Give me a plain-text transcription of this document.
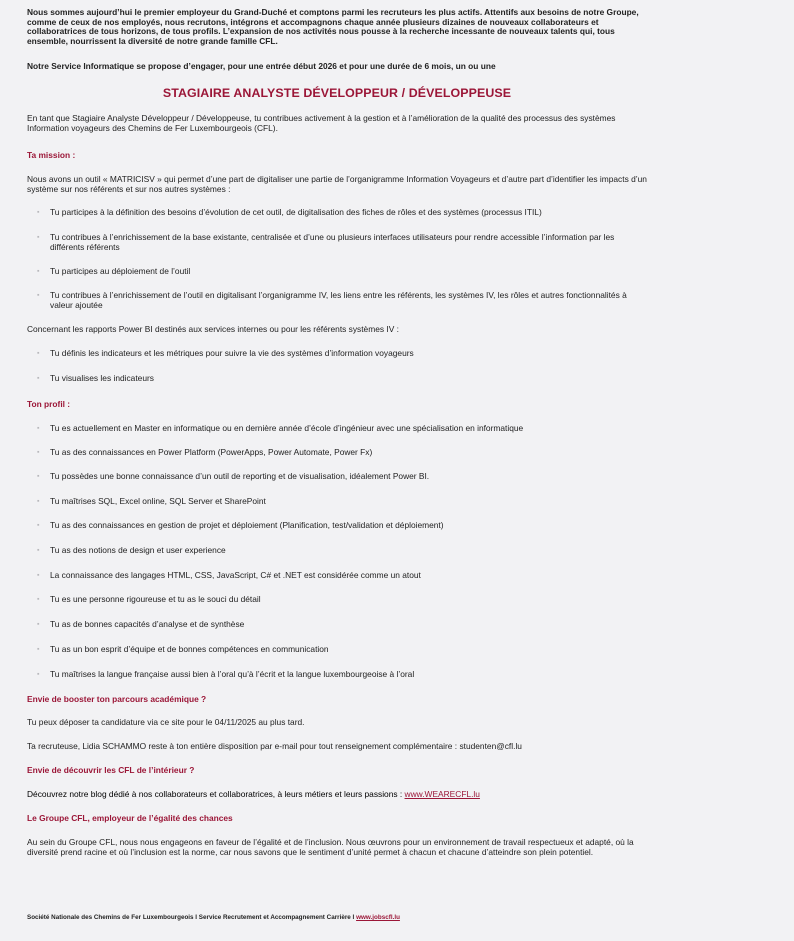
Nous sommes aujourd’hui le premier employeur du Grand-Duché et comptons parmi les recruteurs les plus actifs. Attentifs aux besoins de notre Groupe, comme de ceux de nos employés, nous recrutons, intégrons et accompagnons chaque année plusieurs dizaines de nouveaux collaborateurs et collaboratrices de tous horizons, de tous profils. L’expansion de nos activités nous pousse à la recherche incessante de nouveaux talents qui, tous ensemble, nourrissent la diversité de notre grande famille CFL.

Notre Service Informatique se propose d’engager, pour une entrée début 2026 et pour une durée de 6 mois, un ou une

STAGIAIRE ANALYSTE DÉVELOPPEUR / DÉVELOPPEUSE

En tant que Stagiaire Analyste Développeur / Développeuse, tu contribues activement à la gestion et à l’amélioration de la qualité des processus des systèmes Information voyageurs des Chemins de Fer Luxembourgeois (CFL).

Ta mission :

Nous avons un outil « MATRICISV » qui permet d’une part de digitaliser une partie de l’organigramme Information Voyageurs et d’autre part d’identifier les impacts d’un système sur nos référents et sur nos autres systèmes :

▪ Tu participes à la définition des besoins d’évolution de cet outil, de digitalisation des fiches de rôles et des systèmes (processus ITIL)

▪ Tu contribues à l’enrichissement de la base existante, centralisée et d’une ou plusieurs interfaces utilisateurs pour rendre accessible l’information par les différents référents

▪ Tu participes au déploiement de l’outil

▪ Tu contribues à l’enrichissement de l’outil en digitalisant l’organigramme IV, les liens entre les référents, les systèmes IV, les rôles et autres fonctionnalités à valeur ajoutée

Concernant les rapports Power BI destinés aux services internes ou pour les référents systèmes IV :

▪ Tu définis les indicateurs et les métriques pour suivre la vie des systèmes d’information voyageurs

▪ Tu visualises les indicateurs

Ton profil :

▪ Tu es actuellement en Master en informatique ou en dernière année d’école d’ingénieur avec une spécialisation en informatique

▪ Tu as des connaissances en Power Platform (PowerApps, Power Automate, Power Fx)

▪ Tu possèdes une bonne connaissance d’un outil de reporting et de visualisation, idéalement Power BI.

▪ Tu maîtrises SQL, Excel online, SQL Server et SharePoint

▪ Tu as des connaissances en gestion de projet et déploiement (Planification, test/validation et déploiement)

▪ Tu as des notions de design et user experience

▪ La connaissance des langages HTML, CSS, JavaScript, C# et .NET est considérée comme un atout

▪ Tu es une personne rigoureuse et tu as le souci du détail

▪ Tu as de bonnes capacités d’analyse et de synthèse

▪ Tu as un bon esprit d’équipe et de bonnes compétences en communication

▪ Tu maîtrises la langue française aussi bien à l’oral qu’à l’écrit et la langue luxembourgeoise à l’oral

Envie de booster ton parcours académique ?

Tu peux déposer ta candidature via ce site pour le 04/11/2025 au plus tard.

Ta recruteuse, Lidia SCHAMMO reste à ton entière disposition par e-mail pour tout renseignement complémentaire : studenten@cfl.lu

Envie de découvrir les CFL de l’intérieur ?

Découvrez notre blog dédié à nos collaborateurs et collaboratrices, à leurs métiers et leurs passions : www.WEARECFL.lu

Le Groupe CFL, employeur de l’égalité des chances

Au sein du Groupe CFL, nous nous engageons en faveur de l’égalité et de l’inclusion. Nous œuvrons pour un environnement de travail respectueux et adapté, où la diversité prend racine et où l’inclusion est la norme, car nous savons que le sentiment d’unité permet à chacun et chacune d’atteindre son plein potentiel.

Société Nationale des Chemins de Fer Luxembourgeois I Service Recrutement et Accompagnement Carrière I www.jobscfl.lu
